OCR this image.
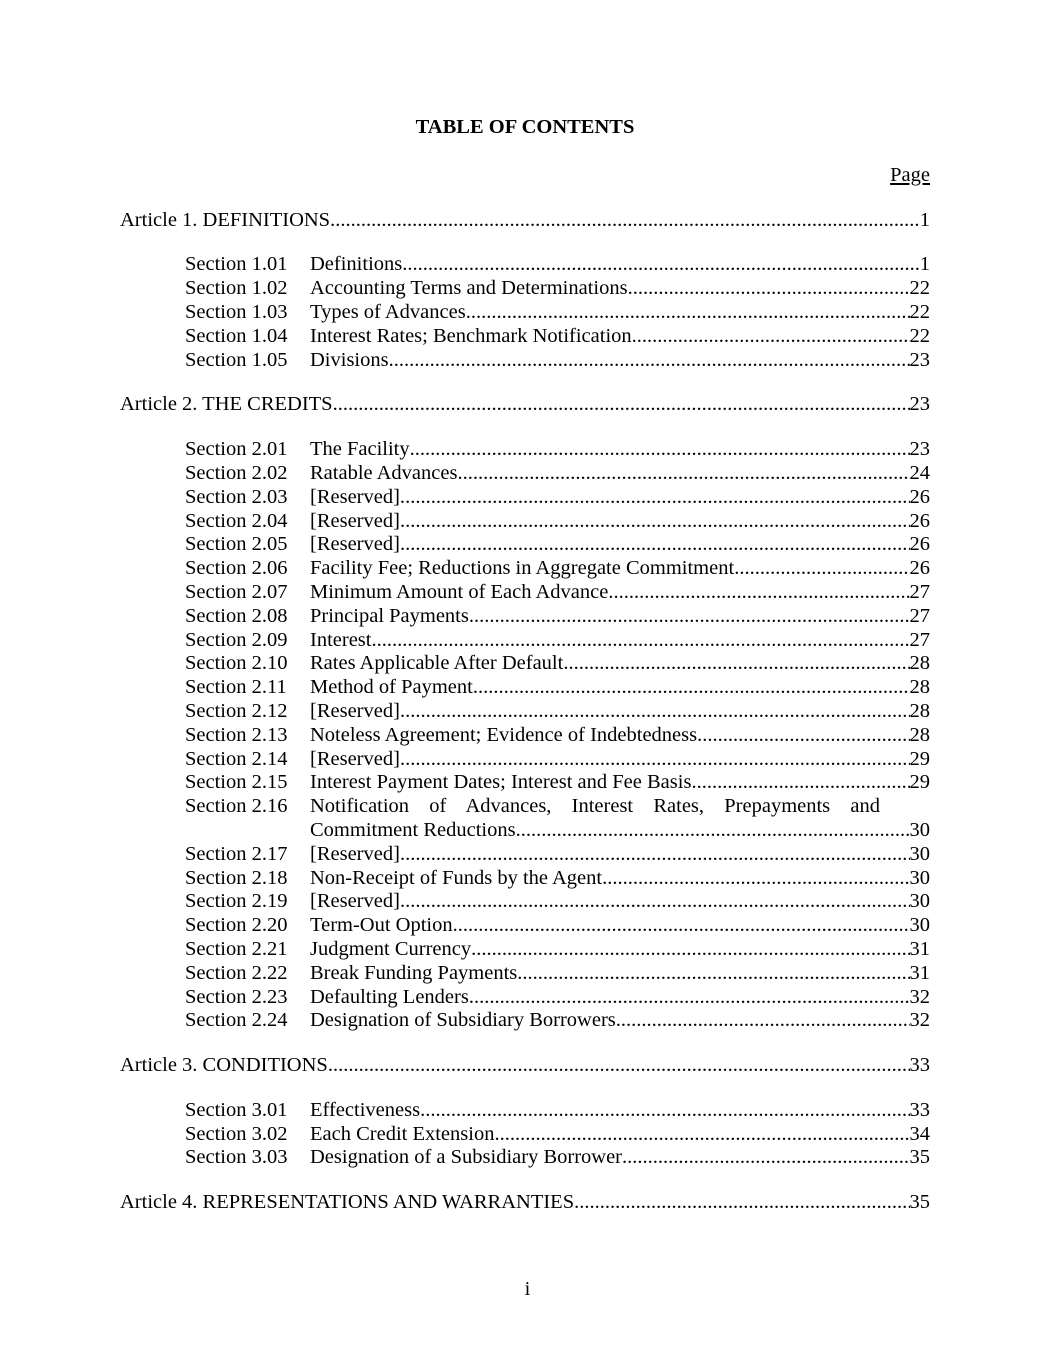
TABLE OF CONTENTS
Page
Article 1. DEFINITIONS .....	1
Section 1.01	Definitions .....	1
Section 1.02	Accounting Terms and Determinations .....	22
Section 1.03	Types of Advances .....	22
Section 1.04	Interest Rates; Benchmark Notification .....	22
Section 1.05	Divisions .....	23
Article 2. THE CREDITS .....	23
Section 2.01	The Facility .....	23
Section 2.02	Ratable Advances .....	24
Section 2.03	[Reserved]. .....	26
Section 2.04	[Reserved] .....	26
Section 2.05	[Reserved] .....	26
Section 2.06	Facility Fee; Reductions in Aggregate Commitment .....	26
Section 2.07	Minimum Amount of Each Advance .....	27
Section 2.08	Principal Payments .....	27
Section 2.09	Interest .....	27
Section 2.10	Rates Applicable After Default .....	28
Section 2.11	Method of Payment .....	28
Section 2.12	[Reserved] .....	28
Section 2.13	Noteless Agreement; Evidence of Indebtedness .....	28
Section 2.14	[Reserved] .....	29
Section 2.15	Interest Payment Dates; Interest and Fee Basis .....	29
Section 2.16	Notification of Advances, Interest Rates, Prepayments and
Commitment Reductions .....	30
Section 2.17	[Reserved] .....	30
Section 2.18	Non-Receipt of Funds by the Agent .....	30
Section 2.19	[Reserved] .....	30
Section 2.20	Term-Out Option .....	30
Section 2.21	Judgment Currency .....	31
Section 2.22	Break Funding Payments .....	31
Section 2.23	Defaulting Lenders .....	32
Section 2.24	Designation of Subsidiary Borrowers .....	32
Article 3. CONDITIONS .....	33
Section 3.01	Effectiveness .....	33
Section 3.02	Each Credit Extension .....	34
Section 3.03	Designation of a Subsidiary Borrower .....	35
Article 4. REPRESENTATIONS AND WARRANTIES .....	35
i
